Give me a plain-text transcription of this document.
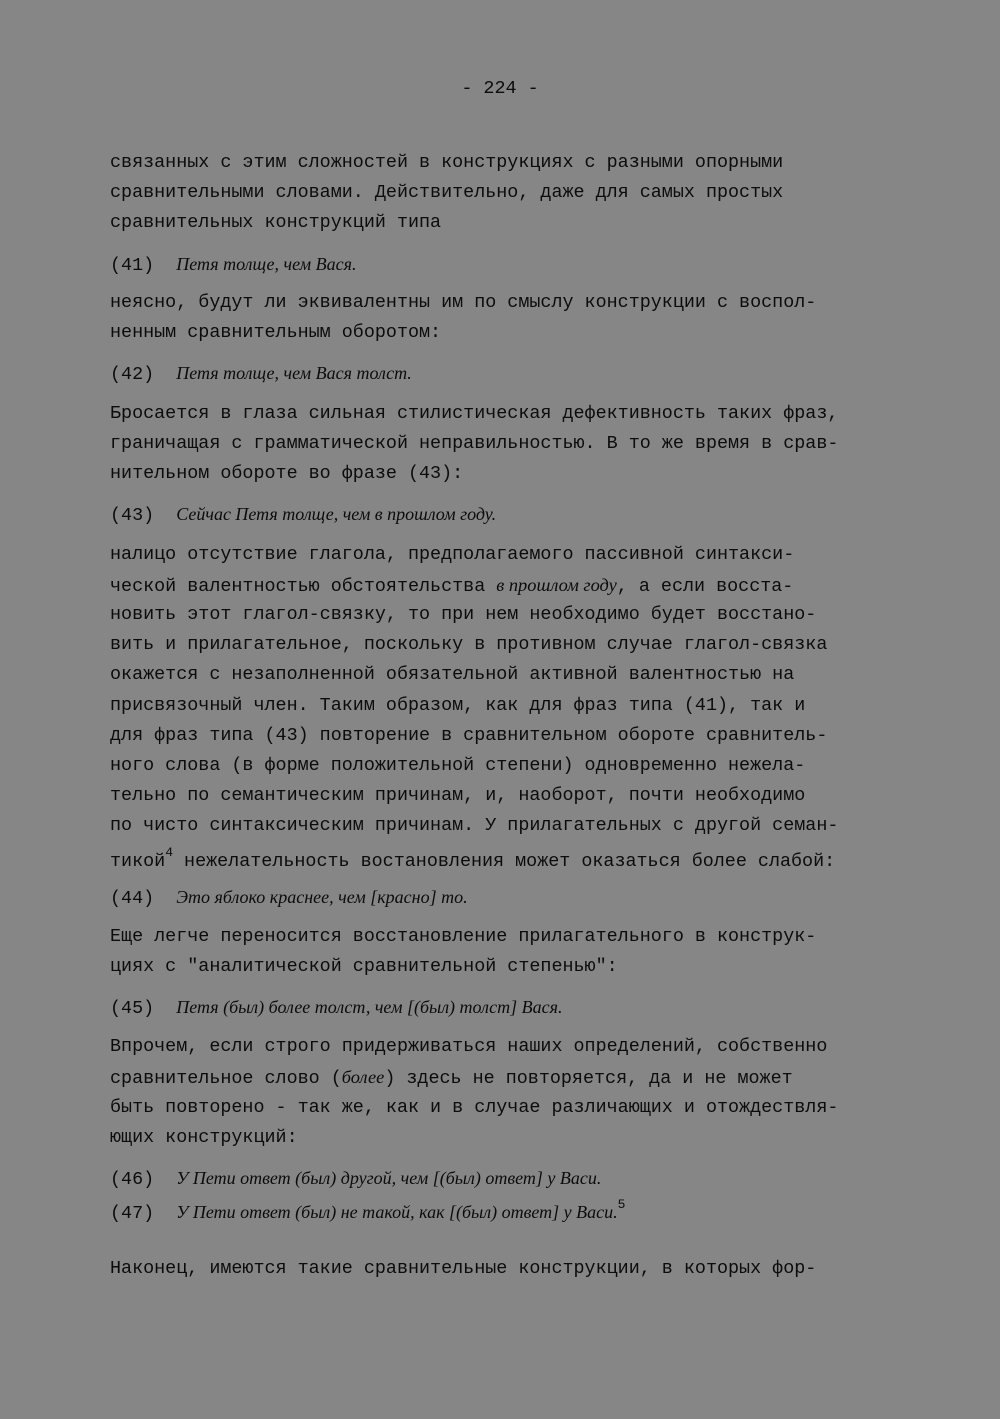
- 224 -
связанных с этим сложностей в конструкциях с разными опорными
сравнительными словами. Действительно, даже для самых простых
сравнительных конструкций типа
(41) Петя толще, чем Вася.
неясно, будут ли эквивалентны им по смыслу конструкции с воспол-
ненным сравнительным оборотом:
(42) Петя толще, чем Вася толст.
Бросается в глаза сильная стилистическая дефективность таких фраз,
граничащая с грамматической неправильностью. В то же время в срав-
нительном обороте во фразе (43):
(43) Сейчас Петя толще, чем в прошлом году.
налицо отсутствие глагола, предполагаемого пассивной синтакси-
ческой валентностью обстоятельства в прошлом году, а если восста-
новить этот глагол-связку, то при нем необходимо будет восстано-
вить и прилагательное, поскольку в противном случае глагол-связка
окажется с незаполненной обязательной активной валентностью на
присвязочный член. Таким образом, как для фраз типа (41), так и
для фраз типа (43) повторение в сравнительном обороте сравнитель-
ного слова (в форме положительной степени) одновременно нежела-
тельно по семантическим причинам, и, наоборот, почти необходимо
по чисто синтаксическим причинам. У прилагательных с другой семан-
тикой$^4$ нежелательность востановления может оказаться более слабой:
(44) Это яблоко краснее, чем [красно] то.
Еще легче переносится восстановление прилагательного в конструк-
циях с "аналитической сравнительной степенью":
(45) Петя (был) более толст, чем [(был) толст] Вася.
Впрочем, если строго придерживаться наших определений, собственно
сравнительное слово (более) здесь не повторяется, да и не может
быть повторено - так же, как и в случае различающих и отождествля-
ющих конструкций:
(46) У Пети ответ (был) другой, чем [(был) ответ] у Васи.
(47) У Пети ответ (был) не такой, как [(был) ответ] у Васи.$^5$
Наконец, имеются такие сравнительные конструкции, в которых фор-
